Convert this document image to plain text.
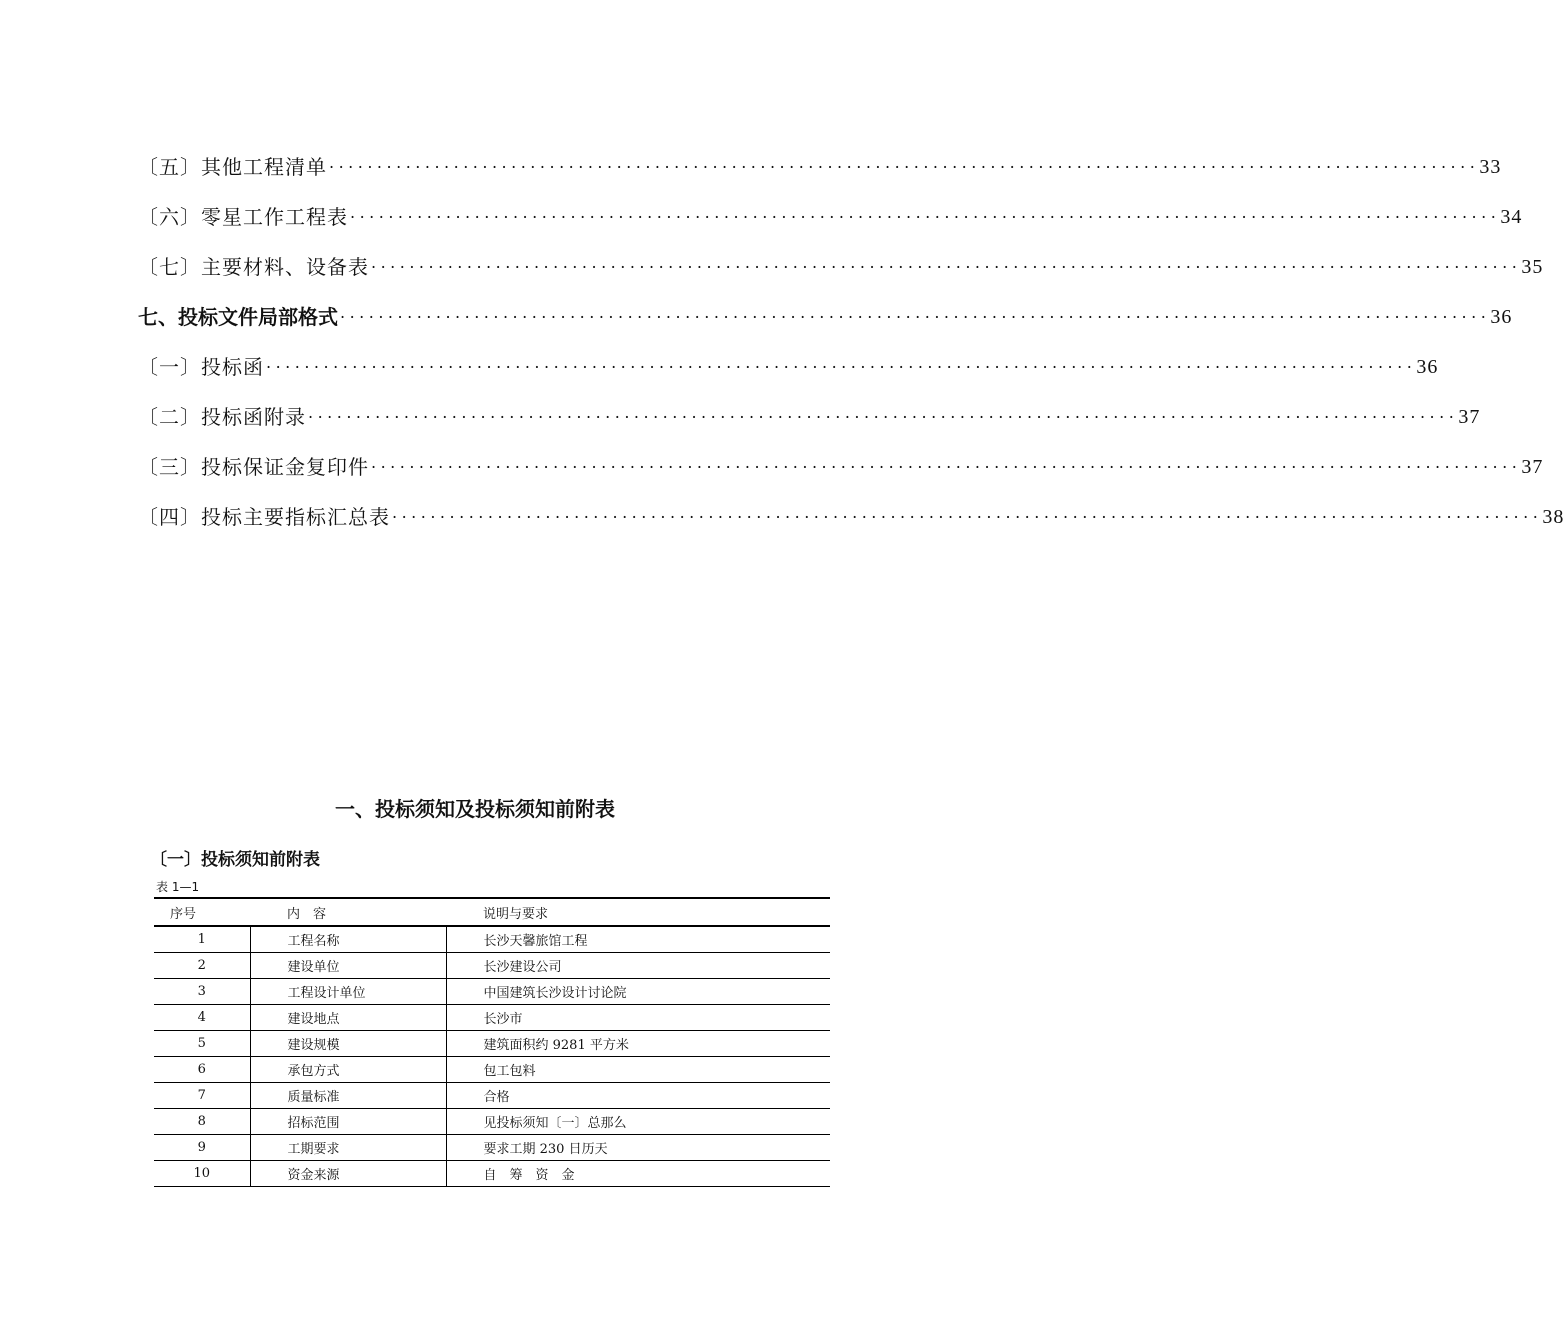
〔五〕其他工程清单 ........................................................................................................................ 33
〔六〕零星工作工程表 ........................................................................................................................ 34
〔七〕主要材料、设备表 ........................................................................................................................ 35
七、投标文件局部格式 ........................................................................................................................ 36
〔一〕投标函 ........................................................................................................................ 36
〔二〕投标函附录 ........................................................................................................................ 37
〔三〕投标保证金复印件 ........................................................................................................................ 37
〔四〕投标主要指标汇总表 ........................................................................................................................ 38
一、投标须知及投标须知前附表
〔一〕投标须知前附表
表 1—1
序号	内　容	说明与要求
1	工程名称	长沙天馨旅馆工程
2	建设单位	长沙建设公司
3	工程设计单位	中国建筑长沙设计讨论院
4	建设地点	长沙市
5	建设规模	建筑面积约 9281 平方米
6	承包方式	包工包料
7	质量标准	合格
8	招标范围	见投标须知〔一〕总那么
9	工期要求	要求工期 230 日历天
10	资金来源	自　筹　资　金
